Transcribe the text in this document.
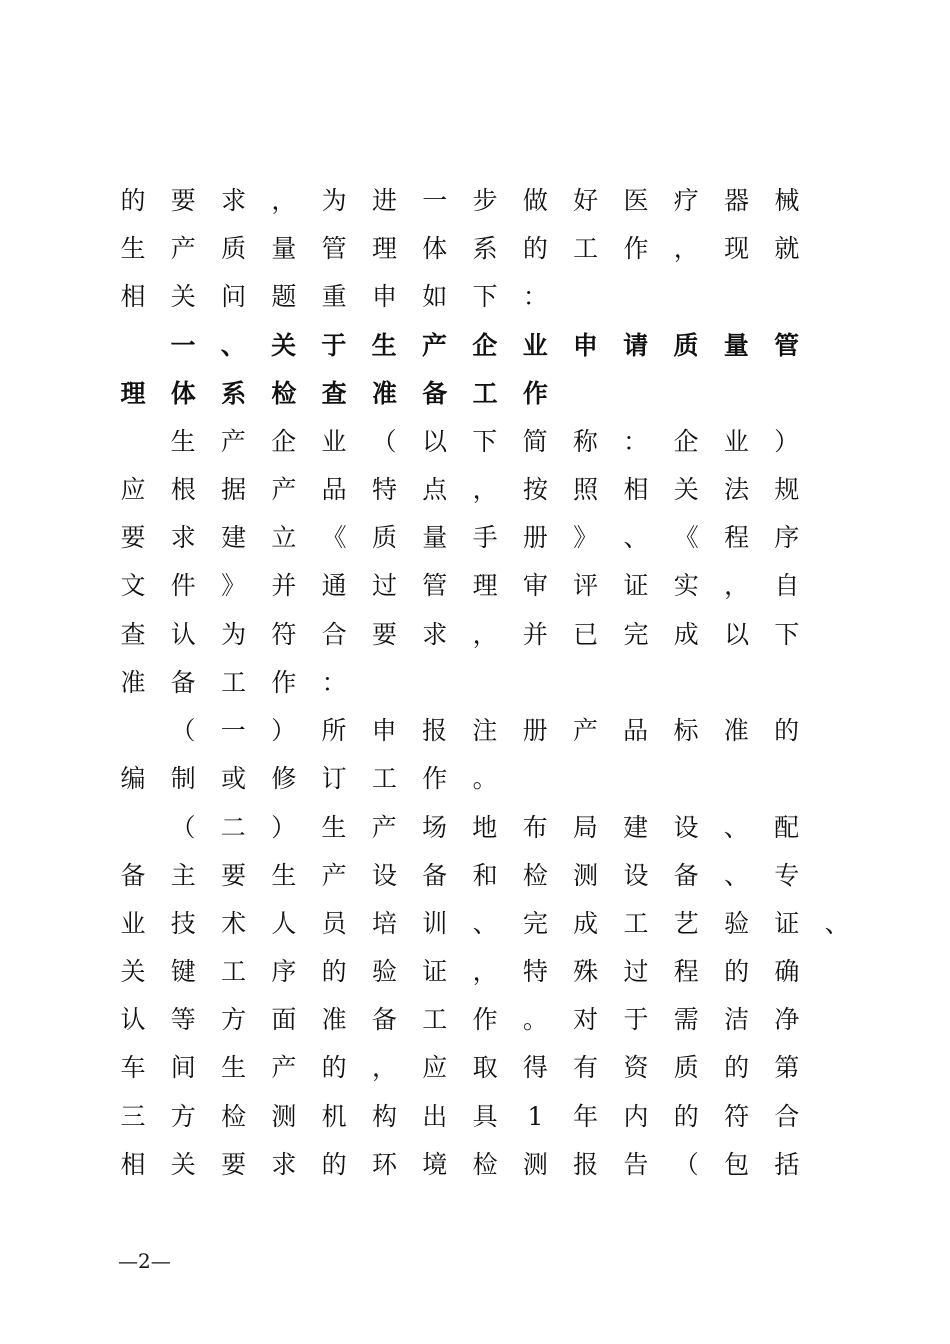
的	要	求	，	为	进	一	步	做	好	医	疗	器	械
生	产	质	量	管	理	体	系	的	工	作	，	现	就
相	关	问	题	重	申	如	下	：
一	、	关	于	生	产	企	业	申	请	质	量	管
理	体	系	检	查	准	备	工	作
生	产	企	业	（	以	下	简	称	：	企	业	）
应	根	据	产	品	特	点	，	按	照	相	关	法	规
要	求	建	立	《	质	量	手	册	》	、	《	程	序
文	件	》	并	通	过	管	理	审	评	证	实	，	自
查	认	为	符	合	要	求	，	并	已	完	成	以	下
准	备	工	作	：
（	一	）	所	申	报	注	册	产	品	标	准	的
编	制	或	修	订	工	作	。
（	二	）	生	产	场	地	布	局	建	设	、	配
备	主	要	生	产	设	备	和	检	测	设	备	、	专
业	技	术	人	员	培	训	、	完	成	工	艺	验	证	、
关	键	工	序	的	验	证	，	特	殊	过	程	的	确
认	等	方	面	准	备	工	作	。	对	于	需	洁	净
车	间	生	产	的	，	应	取	得	有	资	质	的	第
三	方	检	测	机	构	出	具	1	年	内	的	符	合
相	关	要	求	的	环	境	检	测	报	告	（	包	括
—2—
